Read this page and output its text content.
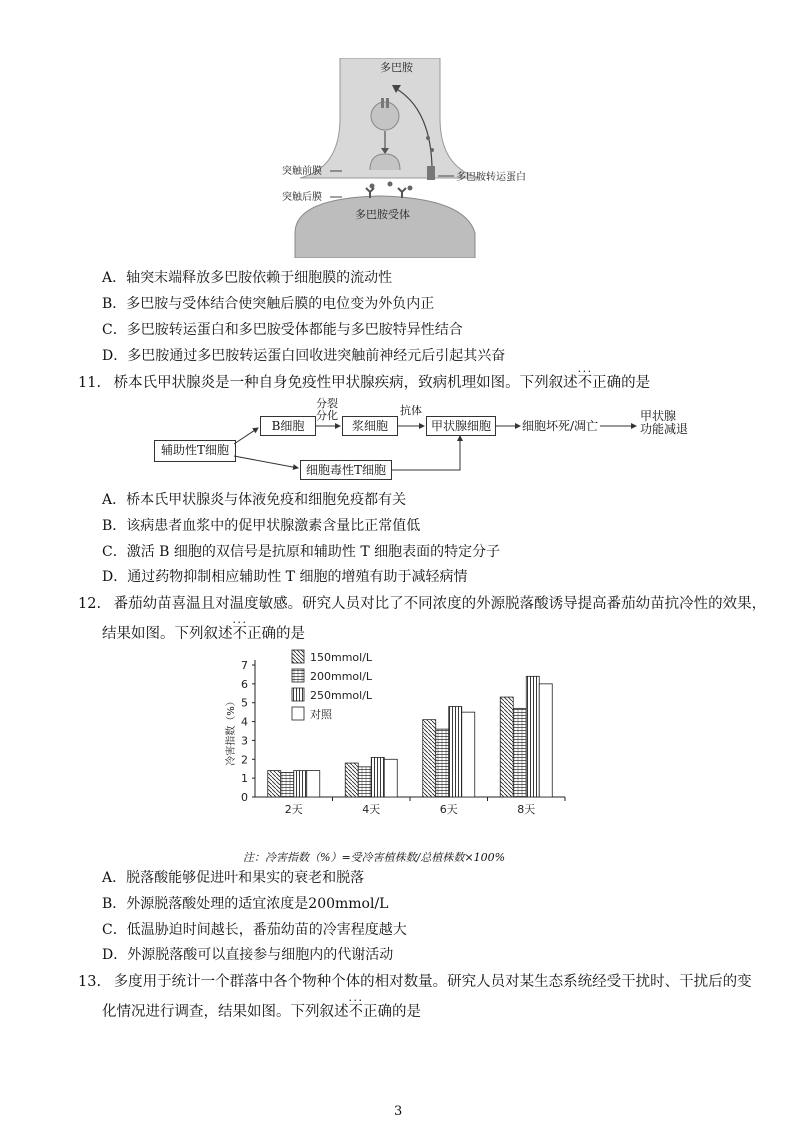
多巴胺
突触前膜
突触后膜
多巴胺转运蛋白
多巴胺受体
A．轴突末端释放多巴胺依赖于细胞膜的流动性
B．多巴胺与受体结合使突触后膜的电位变为外负内正
C．多巴胺转运蛋白和多巴胺受体都能与多巴胺特异性结合
D．多巴胺通过多巴胺转运蛋白回收进突触前神经元后引起其兴奋
11. 桥本氏甲状腺炎是一种自身免疫性甲状腺疾病，致病机理如图。下列叙述· · · 不正确的是
辅助性T细胞
B细胞	浆细胞	甲状腺细胞
细胞毒性T细胞
细胞坏死/凋亡
甲状腺
功能减退
分裂
分化	抗体
A．桥本氏甲状腺炎与体液免疫和细胞免疫都有关
B．该病患者血浆中的促甲状腺激素含量比正常值低
C．激活 B 细胞的双信号是抗原和辅助性 T 细胞表面的特定分子
D．通过药物抑制相应辅助性 T 细胞的增殖有助于减轻病情
12. 番茄幼苗喜温且对温度敏感。研究人员对比了不同浓度的外源脱落酸诱导提高番茄幼苗抗冷性的效果，
结果如图。下列叙述· · · 不正确的是
0
1
2
3
4
5
6
7
冷害指数（%）
2天	4天	6天	8天
150mmol/L
200mmol/L
250mmol/L
对照
注：冷害指数（%）=受冷害植株数/总植株数×100%
A．脱落酸能够促进叶和果实的衰老和脱落
B．外源脱落酸处理的适宜浓度是200mmol/L
C．低温胁迫时间越长，番茄幼苗的冷害程度越大
D．外源脱落酸可以直接参与细胞内的代谢活动
13. 多度用于统计一个群落中各个物种个体的相对数量。研究人员对某生态系统经受干扰时、干扰后的变
化情况进行调查，结果如图。下列叙述· · · 不正确的是
3
